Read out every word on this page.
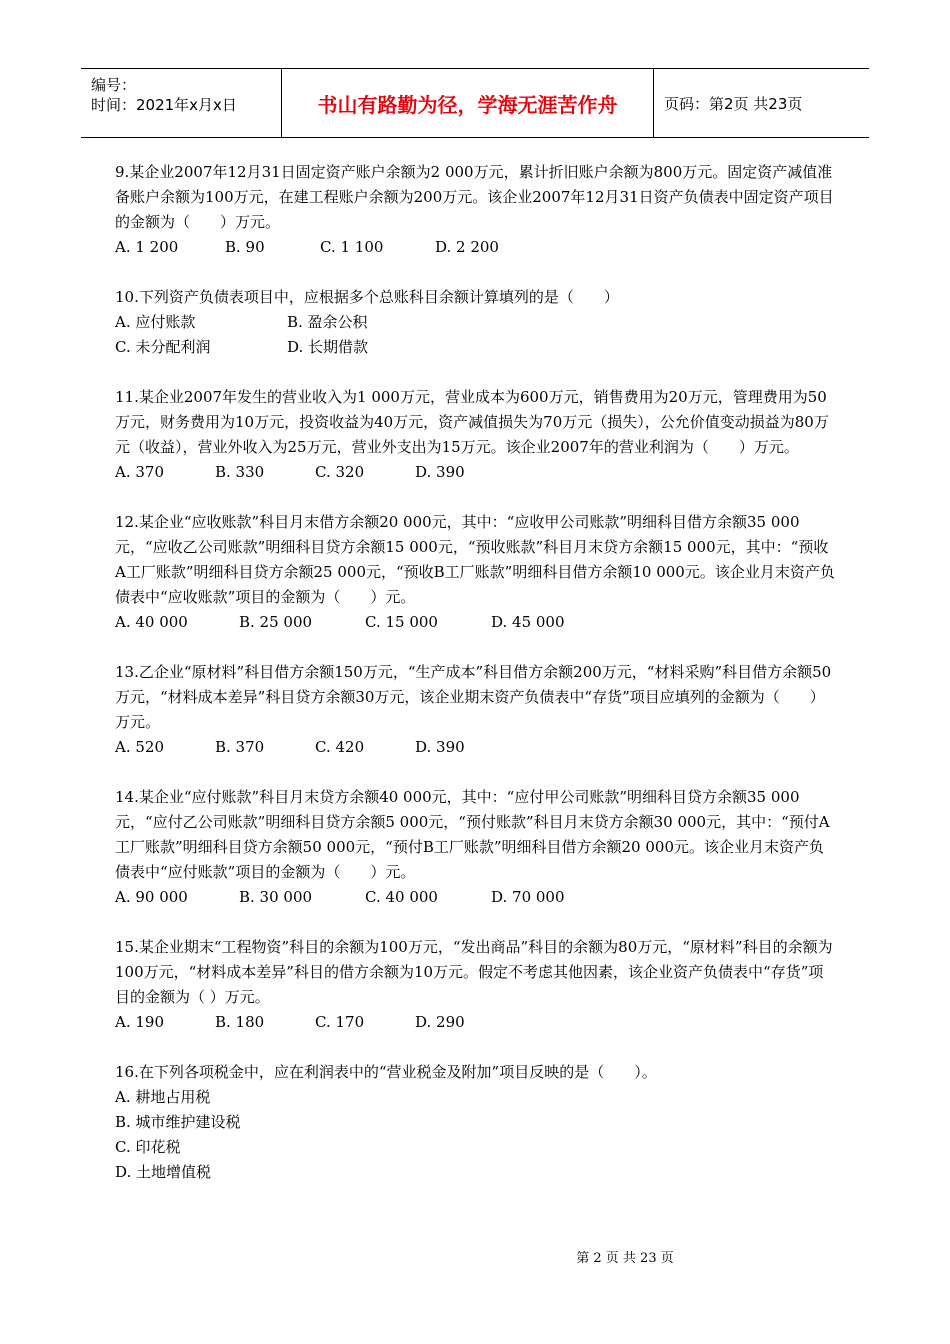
编号：
时间：2021年x月x日	书山有路勤为径，学海无涯苦作舟	页码：第2页 共23页

9.某企业2007年12月31日固定资产账户余额为2 000万元，累计折旧账户余额为800万元。固定资产减值准备账户余额为100万元，在建工程账户余额为200万元。该企业2007年12月31日资产负债表中固定资产项目的金额为（　　）万元。

A. 1 200	B. 90	C. 1 100	D. 2 200

10.下列资产负债表项目中，应根据多个总账科目余额计算填列的是（　　）

A. 应付账款	B. 盈余公积
C. 未分配利润	D. 长期借款

11.某企业2007年发生的营业收入为1 000万元，营业成本为600万元，销售费用为20万元，管理费用为50万元，财务费用为10万元，投资收益为40万元，资产减值损失为70万元（损失），公允价值变动损益为80万元（收益），营业外收入为25万元，营业外支出为15万元。该企业2007年的营业利润为（　　）万元。

A. 370	B. 330	C. 320	D. 390

12.某企业“应收账款”科目月末借方余额20 000元，其中：“应收甲公司账款”明细科目借方余额35 000元，“应收乙公司账款”明细科目贷方余额15 000元，“预收账款”科目月末贷方余额15 000元，其中：“预收A工厂账款”明细科目贷方余额25 000元，“预收B工厂账款”明细科目借方余额10 000元。该企业月末资产负债表中“应收账款”项目的金额为（　　）元。

A. 40 000	B. 25 000	C. 15 000	D. 45 000

13.乙企业“原材料”科目借方余额150万元，“生产成本”科目借方余额200万元，“材料采购”科目借方余额50万元，“材料成本差异”科目贷方余额30万元，该企业期末资产负债表中“存货”项目应填列的金额为（　　）万元。

A. 520	B. 370	C. 420	D. 390

14.某企业“应付账款”科目月末贷方余额40 000元，其中：“应付甲公司账款”明细科目贷方余额35 000元，“应付乙公司账款”明细科目贷方余额5 000元，“预付账款”科目月末贷方余额30 000元，其中：“预付A工厂账款”明细科目贷方余额50 000元，“预付B工厂账款”明细科目借方余额20 000元。该企业月末资产负债表中“应付账款”项目的金额为（　　）元。

A. 90 000	B. 30 000	C. 40 000	D. 70 000

15.某企业期末“工程物资”科目的余额为100万元，“发出商品”科目的余额为80万元，“原材料”科目的余额为100万元，“材料成本差异”科目的借方余额为10万元。假定不考虑其他因素，该企业资产负债表中“存货”项目的金额为（ ）万元。

A. 190	B. 180	C. 170	D. 290

16.在下列各项税金中，应在利润表中的“营业税金及附加”项目反映的是（　　）。

A. 耕地占用税
B. 城市维护建设税
C. 印花税
D. 土地增值税
第 2 页 共 23 页
